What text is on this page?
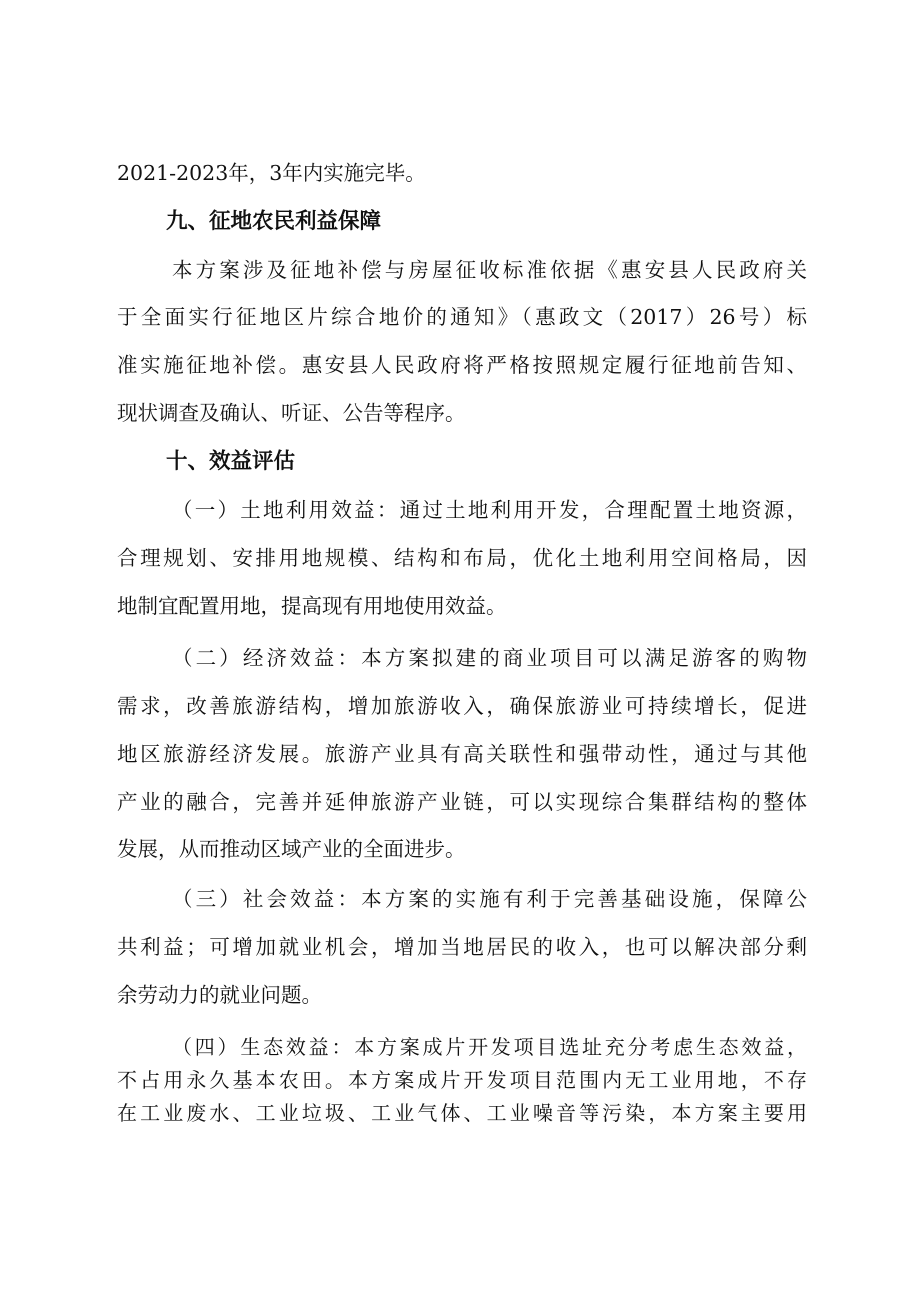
2021-2023年，3年内实施完毕。
九、征地农民利益保障
本方案涉及征地补偿与房屋征收标准依据《惠安县人民政府关
于全面实行征地区片综合地价的通知》（惠政文（2017）26号）标
准实施征地补偿。惠安县人民政府将严格按照规定履行征地前告知、
现状调查及确认、听证、公告等程序。
十、效益评估
（一）土地利用效益：通过土地利用开发，合理配置土地资源，
合理规划、安排用地规模、结构和布局，优化土地利用空间格局，因
地制宜配置用地，提高现有用地使用效益。
（二）经济效益：本方案拟建的商业项目可以满足游客的购物
需求，改善旅游结构，增加旅游收入，确保旅游业可持续增长，促进
地区旅游经济发展。旅游产业具有高关联性和强带动性，通过与其他
产业的融合，完善并延伸旅游产业链，可以实现综合集群结构的整体
发展，从而推动区域产业的全面进步。
（三）社会效益：本方案的实施有利于完善基础设施，保障公
共利益；可增加就业机会，增加当地居民的收入，也可以解决部分剩
余劳动力的就业问题。
（四）生态效益：本方案成片开发项目选址充分考虑生态效益，
不占用永久基本农田。本方案成片开发项目范围内无工业用地，不存
在工业废水、工业垃圾、工业气体、工业噪音等污染，本方案主要用
